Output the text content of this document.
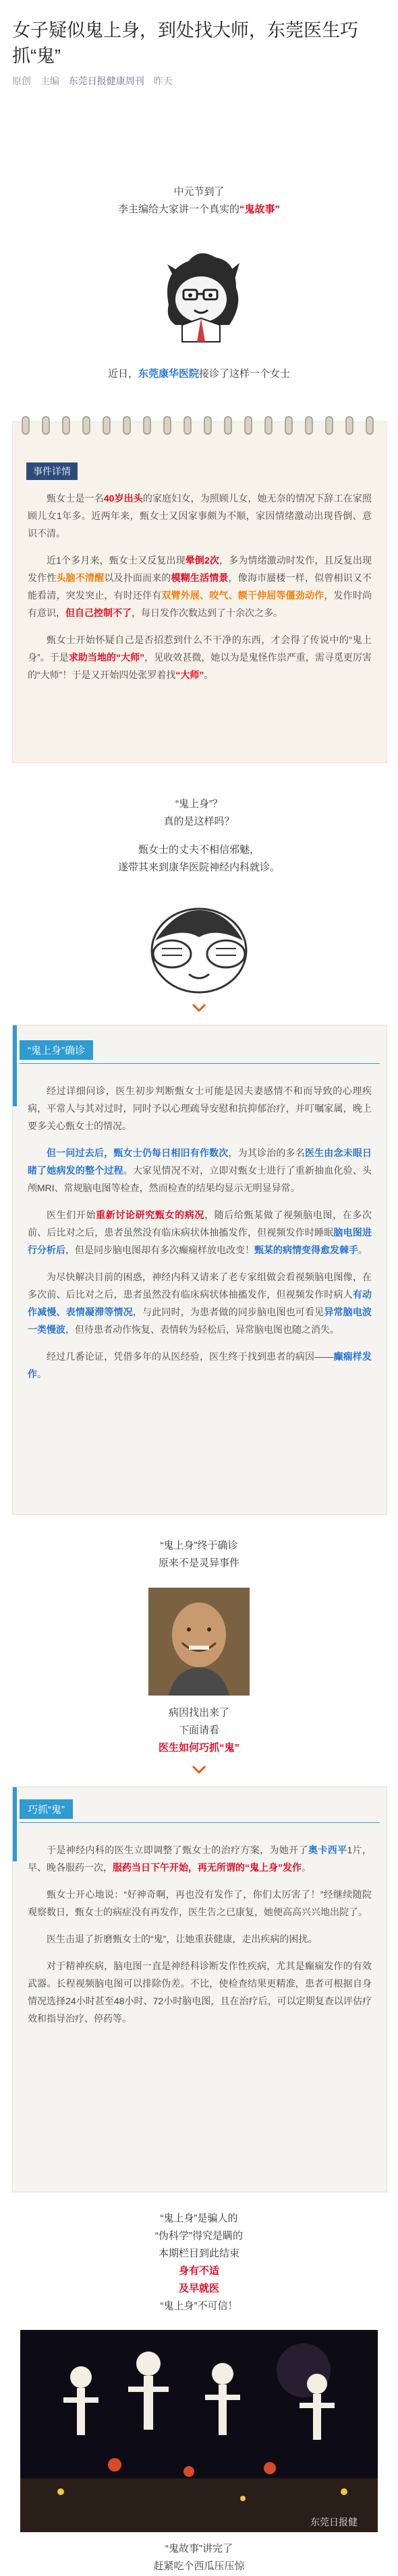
女子疑似鬼上身，到处找大师，东莞医生巧抓“鬼”
原创 主编 东莞日报健康周刊 昨天
中元节到了
李主编给大家讲一个真实的“鬼故事”
近日，东莞康华医院接诊了这样一个女士
事件详情

甄女士是一名40岁出头的家庭妇女，为照顾儿女，她无奈的情况下辞工在家照顾儿女1年多。近两年来，甄女士又因家事颇为不顺，家因情绪激动出现昏倒、意识不清。

近1个多月来，甄女士又反复出现晕倒2次，多为情绪激动时发作，且反复出现发作性头脑不清醒以及扑面而来的模糊生活情景，像海市蜃楼一样，似曾相识又不能看清，突发突止，有时还伴有双臂外展、咬气、额干伸屈等僵劲动作，发作时尚有意识，但自己控制不了，每日发作次数达到了十余次之多。

甄女士开始怀疑自己是否招惹到什么不干净的东西，才会得了传说中的“鬼上身”。于是求助当地的“大师”，见收效甚微，她以为是鬼怪作祟严重，需寻觅更厉害的“大师”！于是又开始四处张罗着找“大师”。

“鬼上身”？
真的是这样吗？
甄女士的丈夫不相信邪魅，
遂带其来到康华医院神经内科就诊。
“鬼上身”确诊

经过详细问诊，医生初步判断甄女士可能是因夫妻感情不和而导致的心理疾病，平常人与其对过时，同时予以心理疏导安慰和抗抑郁治疗，并叮嘱家属，晚上要多关心甄女士的情况。

但一问过去后，甄女士仍每日相旧有作数次，为其诊治的多名医生由念未眼日睹了她病发的整个过程。大家见情况不对，立即对甄女士进行了重新抽血化验、头颅MRI、常规脑电图等检查，然而检查的结果均显示无明显异常。

医生们开始重新讨论研究甄女的病况，随后给甄某做了视频脑电图，在多次前、后比对之后，患者虽然没有临床病状体抽搐发作，但视频发作时睡眠脑电图进行分析后，但是同步脑电图却有多次癫痫样放电改变！甄某的病情变得愈发棘手。

为尽快解决目前的困惑，神经内科又请来了老专家组做会看视频脑电图像，在多次前、后比对之后，患者虽然没有临床病状体抽搐发作，但视频发作时病人有动作减慢、表情凝滞等情况，与此同时，为患者做的同步脑电图也可看见异常脑电波一类慢波，但待患者动作恢复、表情转为轻松后，异常脑电图也随之消失。

经过几番论证，凭借多年的从医经验，医生终于找到患者的病因——癫痫样发作。

“鬼上身”终于确诊
原来不是灵异事件
病因找出来了
下面请看
医生如何巧抓“鬼”
巧抓“鬼”

于是神经内科的医生立即调整了甄女士的治疗方案，为她开了奥卡西平1片，早、晚各服药一次，服药当日下午开始，再无所谓的“鬼上身”发作。

甄女士开心地说：“好神奇啊，再也没有发作了，你们太厉害了！”经继续随院观察数日，甄女士的病症没有再发作，医生告之已康复，她便高高兴兴地出院了。

医生击退了折磨甄女士的“鬼”，让她重获健康，走出疾病的困扰。

对于精神疾病，脑电图一直是神经科诊断发作性疾病，尤其是癫痫发作的有效武器。长程视频脑电图可以排除伪差。不比，使检查结果更精准，患者可根据自身情况选择24小时甚至48小时、72小时脑电图，且在治疗后，可以定期复查以评估疗效和指导治疗、停药等。

“鬼上身”是骗人的
“伪科学”得究是瞒的
本期栏目到此结束
身有不适
及早就医
“鬼上身”不可信！
东莞日报健
“鬼故事”讲完了
赶紧吃个西瓜压压惊
